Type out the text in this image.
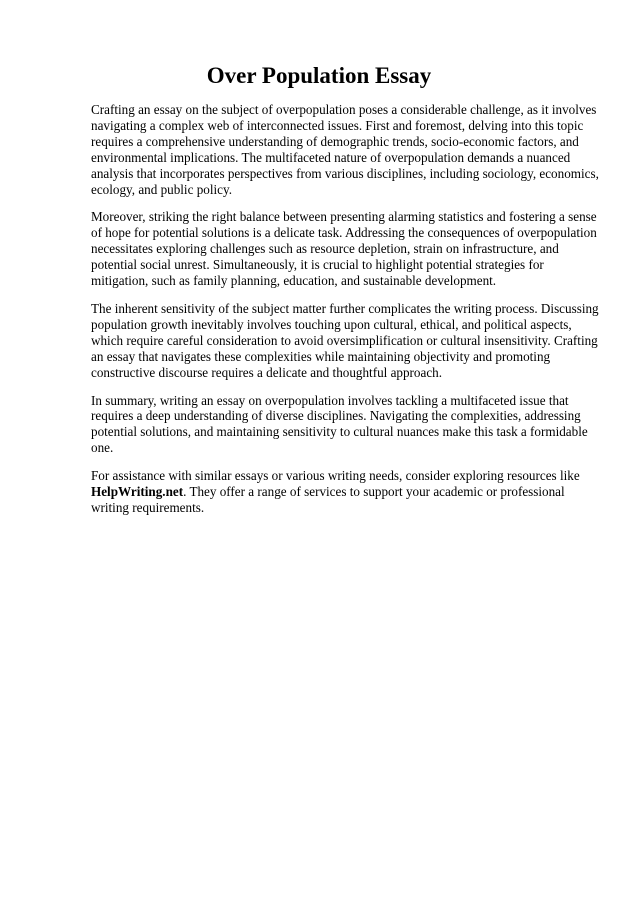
Over Population Essay

Crafting an essay on the subject of overpopulation poses a considerable challenge, as it involves navigating a complex web of interconnected issues. First and foremost, delving into this topic requires a comprehensive understanding of demographic trends, socio-economic factors, and environmental implications. The multifaceted nature of overpopulation demands a nuanced analysis that incorporates perspectives from various disciplines, including sociology, economics, ecology, and public policy.

Moreover, striking the right balance between presenting alarming statistics and fostering a sense of hope for potential solutions is a delicate task. Addressing the consequences of overpopulation necessitates exploring challenges such as resource depletion, strain on infrastructure, and potential social unrest. Simultaneously, it is crucial to highlight potential strategies for mitigation, such as family planning, education, and sustainable development.

The inherent sensitivity of the subject matter further complicates the writing process. Discussing population growth inevitably involves touching upon cultural, ethical, and political aspects, which require careful consideration to avoid oversimplification or cultural insensitivity. Crafting an essay that navigates these complexities while maintaining objectivity and promoting constructive discourse requires a delicate and thoughtful approach.

In summary, writing an essay on overpopulation involves tackling a multifaceted issue that requires a deep understanding of diverse disciplines. Navigating the complexities, addressing potential solutions, and maintaining sensitivity to cultural nuances make this task a formidable one.

For assistance with similar essays or various writing needs, consider exploring resources like HelpWriting.net. They offer a range of services to support your academic or professional writing requirements.
